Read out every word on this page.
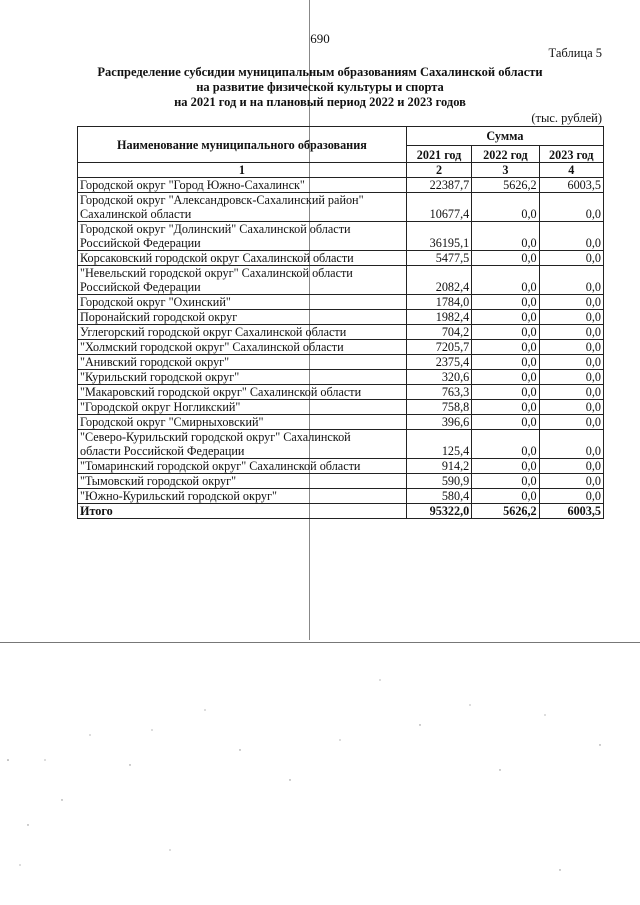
690
Таблица 5
Распределение субсидии муниципальным образованиям Сахалинской области
на развитие физической культуры и спорта
на 2021 год и на плановый период 2022 и 2023 годов
(тыс. рублей)
Наименование муниципального образования	Сумма		
	2021 год	2022 год	2023 год
1	2	3	4

Городской округ "Город Южно-Сахалинск"	22387,7	5626,2	6003,5

Городской округ "Александровск-Сахалинский район"
Сахалинской области	10677,4	0,0	0,0

Городской округ "Долинский" Сахалинской области
Российской Федерации	36195,1	0,0	0,0

Корсаковский городской округ Сахалинской области	5477,5	0,0	0,0

"Невельский городской округ" Сахалинской области
Российской Федерации	2082,4	0,0	0,0

Городской округ "Охинский"	1784,0	0,0	0,0

Поронайский городской округ	1982,4	0,0	0,0

Углегорский городской округ Сахалинской области	704,2	0,0	0,0

"Холмский городской округ" Сахалинской области	7205,7	0,0	0,0

"Анивский городской округ"	2375,4	0,0	0,0

"Курильский городской округ"	320,6	0,0	0,0

"Макаровский городской округ" Сахалинской области	763,3	0,0	0,0

"Городской округ Ногликский"	758,8	0,0	0,0

Городской округ "Смирныховский"	396,6	0,0	0,0

"Северо-Курильский городской округ" Сахалинской
области Российской Федерации	125,4	0,0	0,0

"Томаринский городской округ" Сахалинской области	914,2	0,0	0,0

"Тымовский городской округ"	590,9	0,0	0,0

"Южно-Курильский городской округ"	580,4	0,0	0,0
Итого	95322,0	5626,2	6003,5
